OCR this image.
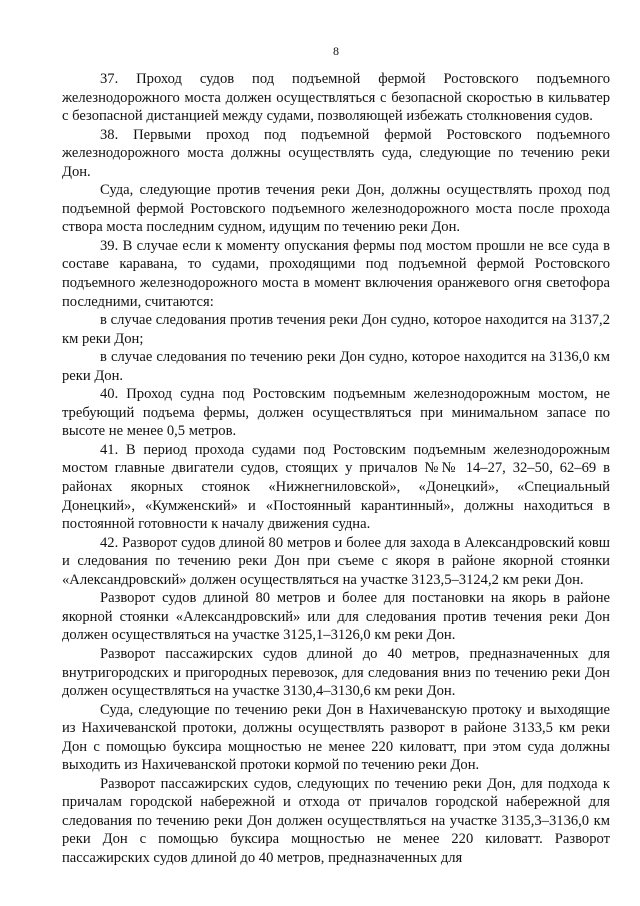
8

37. Проход судов под подъемной фермой Ростовского подъемного железнодорожного моста должен осуществляться с безопасной скоростью в кильватер с безопасной дистанцией между судами, позволяющей избежать столкновения судов.

38. Первыми проход под подъемной фермой Ростовского подъемного железнодорожного моста должны осуществлять суда, следующие по течению реки Дон.

Суда, следующие против течения реки Дон, должны осуществлять проход под подъемной фермой Ростовского подъемного железнодорожного моста после прохода створа моста последним судном, идущим по течению реки Дон.

39. В случае если к моменту опускания фермы под мостом прошли не все суда в составе каравана, то судами, проходящими под подъемной фермой Ростовского подъемного железнодорожного моста в момент включения оранжевого огня светофора последними, считаются:

в случае следования против течения реки Дон судно, которое находится на 3137,2 км реки Дон;

в случае следования по течению реки Дон судно, которое находится на 3136,0 км реки Дон.

40. Проход судна под Ростовским подъемным железнодорожным мостом, не требующий подъема фермы, должен осуществляться при минимальном запасе по высоте не менее 0,5 метров.

41. В период прохода судами под Ростовским подъемным железнодорожным мостом главные двигатели судов, стоящих у причалов №№ 14–27, 32–50, 62–69 в районах якорных стоянок «Нижнегниловской», «Донецкий», «Специальный Донецкий», «Кумженский» и «Постоянный карантинный», должны находиться в постоянной готовности к началу движения судна.

42. Разворот судов длиной 80 метров и более для захода в Александровский ковш и следования по течению реки Дон при съеме с якоря в районе якорной стоянки «Александровский» должен осуществляться на участке 3123,5–3124,2 км реки Дон.

Разворот судов длиной 80 метров и более для постановки на якорь в районе якорной стоянки «Александровский» или для следования против течения реки Дон должен осуществляться на участке 3125,1–3126,0 км реки Дон.

Разворот пассажирских судов длиной до 40 метров, предназначенных для внутригородских и пригородных перевозок, для следования вниз по течению реки Дон должен осуществляться на участке 3130,4–3130,6 км реки Дон.

Суда, следующие по течению реки Дон в Нахичеванскую протоку и выходящие из Нахичеванской протоки, должны осуществлять разворот в районе 3133,5 км реки Дон с помощью буксира мощностью не менее 220 киловатт, при этом суда должны выходить из Нахичеванской протоки кормой по течению реки Дон.

Разворот пассажирских судов, следующих по течению реки Дон, для подхода к причалам городской набережной и отхода от причалов городской набережной для следования по течению реки Дон должен осуществляться на участке 3135,3–3136,0 км реки Дон с помощью буксира мощностью не менее 220 киловатт. Разворот пассажирских судов длиной до 40 метров, предназначенных для
